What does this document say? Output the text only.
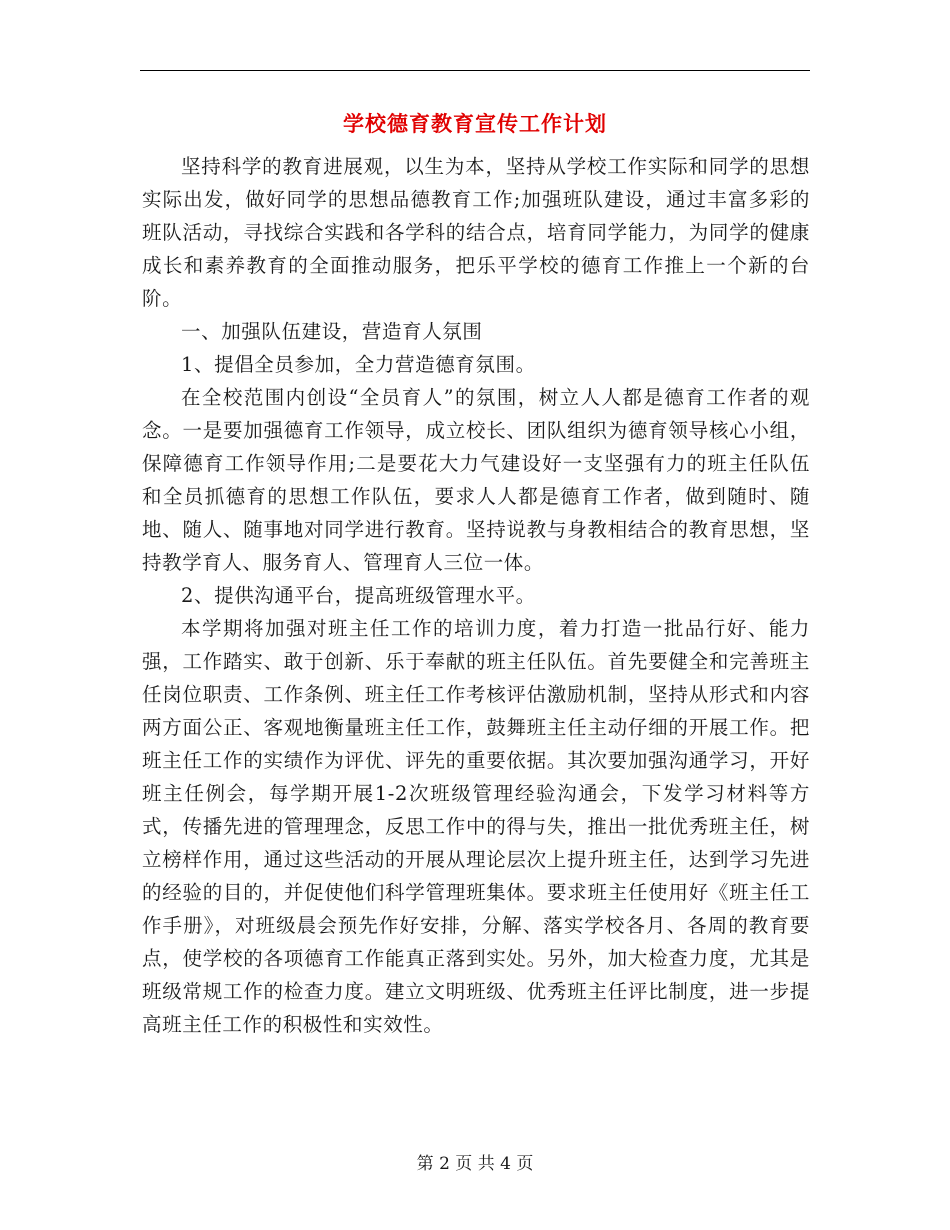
学校德育教育宣传工作计划

坚持科学的教育进展观，以生为本，坚持从学校工作实际和同学的思想实际出发，做好同学的思想品德教育工作;加强班队建设，通过丰富多彩的班队活动，寻找综合实践和各学科的结合点，培育同学能力，为同学的健康成长和素养教育的全面推动服务，把乐平学校的德育工作推上一个新的台阶。

一、加强队伍建设，营造育人氛围

1、提倡全员参加，全力营造德育氛围。

在全校范围内创设“全员育人”的氛围，树立人人都是德育工作者的观念。一是要加强德育工作领导，成立校长、团队组织为德育领导核心小组，保障德育工作领导作用;二是要花大力气建设好一支坚强有力的班主任队伍和全员抓德育的思想工作队伍，要求人人都是德育工作者，做到随时、随地、随人、随事地对同学进行教育。坚持说教与身教相结合的教育思想，坚持教学育人、服务育人、管理育人三位一体。

2、提供沟通平台，提高班级管理水平。

本学期将加强对班主任工作的培训力度，着力打造一批品行好、能力强，工作踏实、敢于创新、乐于奉献的班主任队伍。首先要健全和完善班主任岗位职责、工作条例、班主任工作考核评估激励机制，坚持从形式和内容两方面公正、客观地衡量班主任工作，鼓舞班主任主动仔细的开展工作。把班主任工作的实绩作为评优、评先的重要依据。其次要加强沟通学习，开好班主任例会，每学期开展1-2次班级管理经验沟通会，下发学习材料等方式，传播先进的管理理念，反思工作中的得与失，推出一批优秀班主任，树立榜样作用，通过这些活动的开展从理论层次上提升班主任，达到学习先进的经验的目的，并促使他们科学管理班集体。要求班主任使用好《班主任工作手册》，对班级晨会预先作好安排，分解、落实学校各月、各周的教育要点，使学校的各项德育工作能真正落到实处。另外，加大检查力度，尤其是班级常规工作的检查力度。建立文明班级、优秀班主任评比制度，进一步提高班主任工作的积极性和实效性。

第 2 页 共 4 页
